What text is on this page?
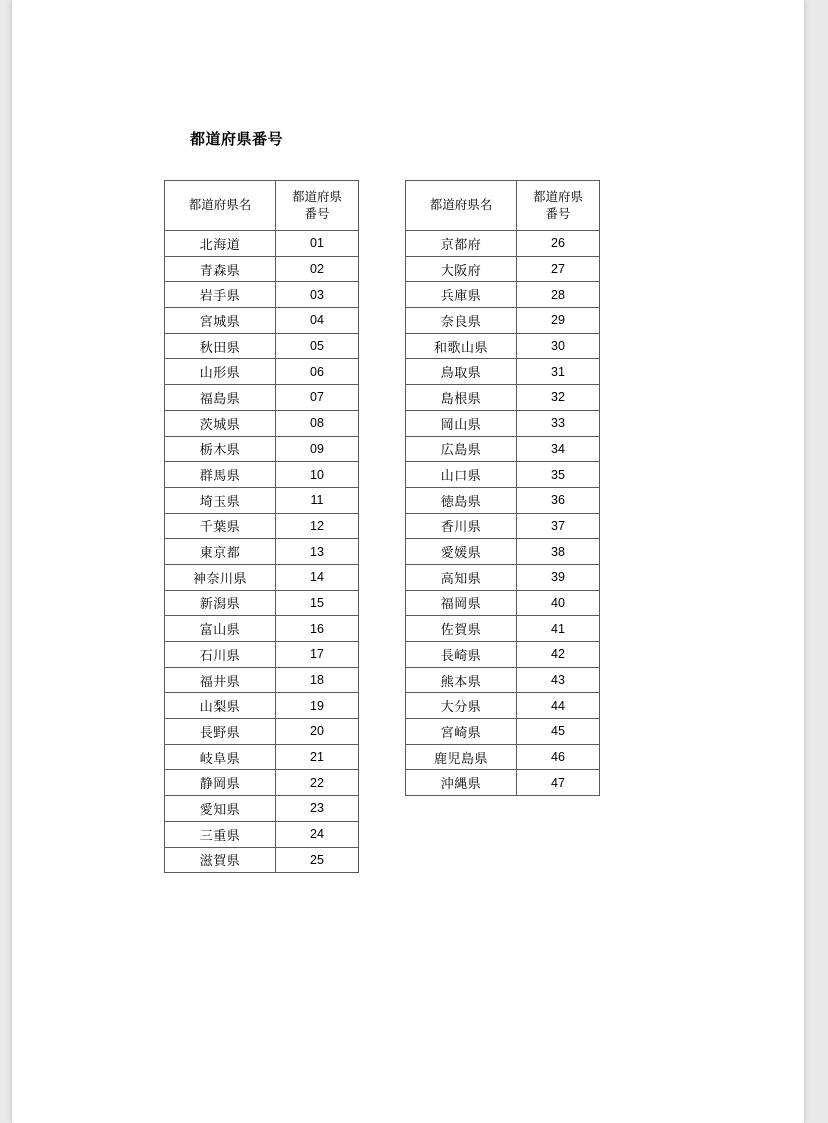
都道府県番号
都道府県名	都道府県
番号

北海道	01
青森県	02
岩手県	03
宮城県	04
秋田県	05
山形県	06
福島県	07
茨城県	08
栃木県	09
群馬県	10
埼玉県	11
千葉県	12
東京都	13
神奈川県	14
新潟県	15
富山県	16
石川県	17
福井県	18
山梨県	19
長野県	20
岐阜県	21
静岡県	22
愛知県	23
三重県	24
滋賀県	25
都道府県名	都道府県
番号

京都府	26
大阪府	27
兵庫県	28
奈良県	29
和歌山県	30
鳥取県	31
島根県	32
岡山県	33
広島県	34
山口県	35
徳島県	36
香川県	37
愛媛県	38
高知県	39
福岡県	40
佐賀県	41
長崎県	42
熊本県	43
大分県	44
宮崎県	45
鹿児島県	46
沖縄県	47
